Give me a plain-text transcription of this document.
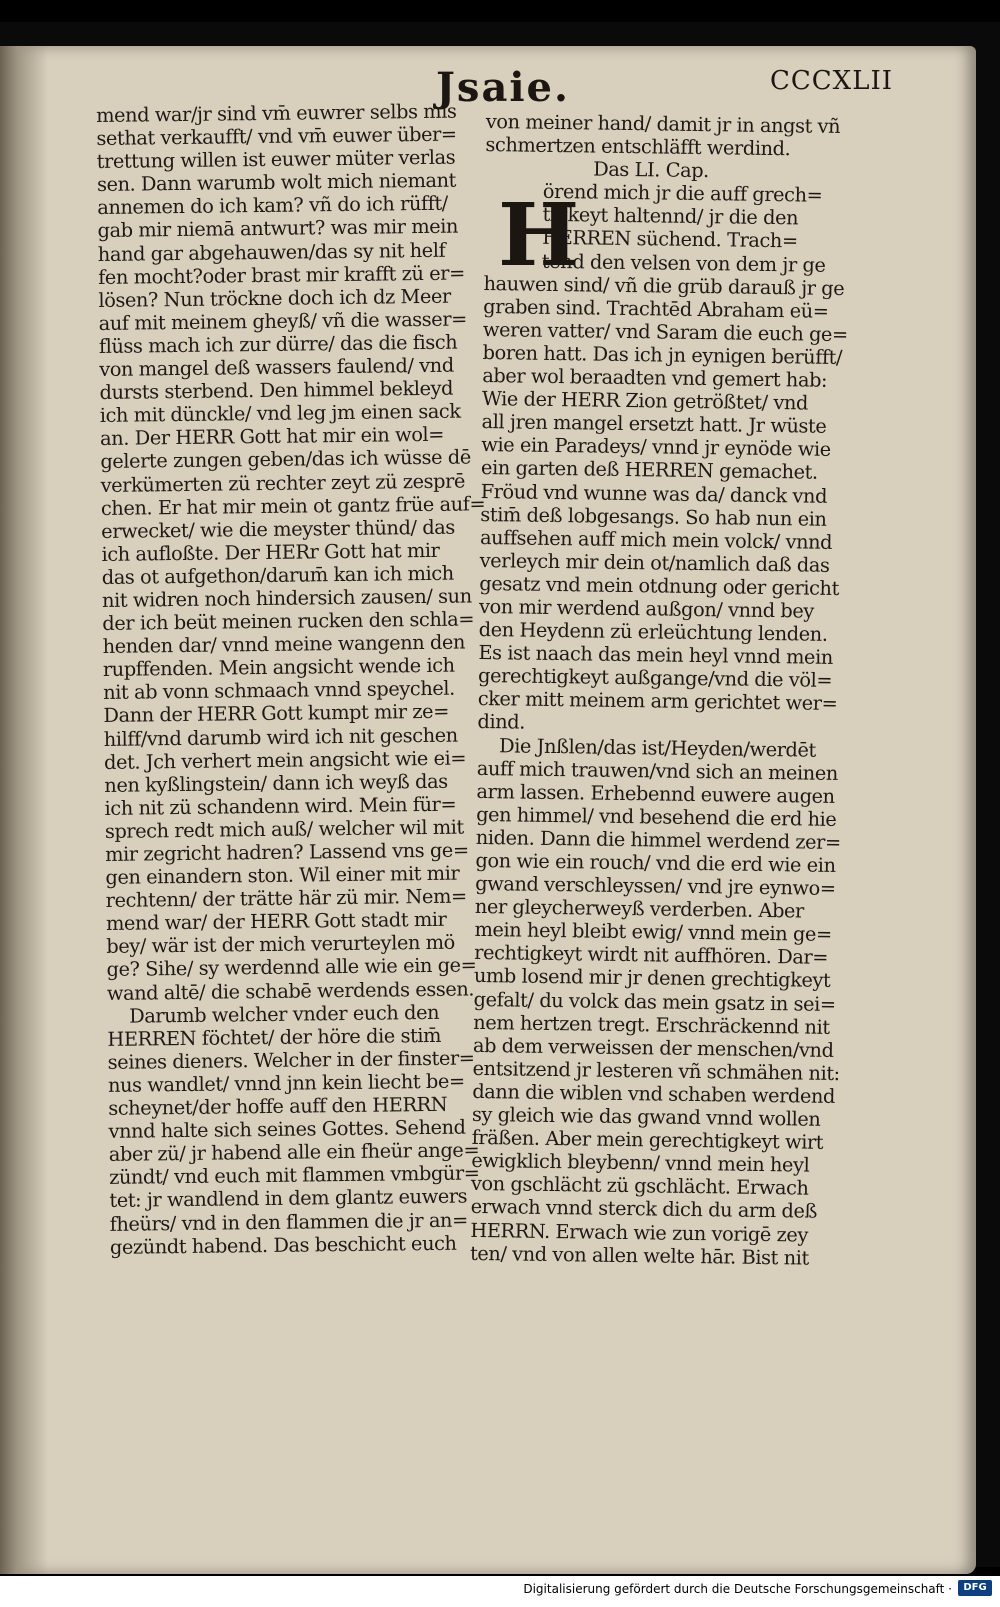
Jsaie.	CCCXLII
mend war/jr sind vm̄ euwrer selbs mis
sethat verkaufft/ vnd vm̄ euwer über=
trettung willen ist euwer müter verlas
sen. Dann warumb wolt mich niemant
annemen do ich kam? vñ do ich rüfft/
gab mir niemā antwurt? was mir mein
hand gar abgehauwen/das sy nit helf
fen mocht?oder brast mir krafft zü er=
lösen? Nun tröckne doch ich dz Meer
auf mit meinem gheyß/ vñ die wasser=
flüss mach ich zur dürre/ das die fisch
von mangel deß wassers faulend/ vnd
dursts sterbend. Den himmel bekleyd
ich mit dünckle/ vnd leg jm einen sack
an. Der HERR Gott hat mir ein wol=
gelerte zungen geben/das ich wüsse dē
verkümerten zü rechter zeyt zü zesprē
chen. Er hat mir mein ot gantz früe auf=
erwecket/ wie die meyster thünd/ das
ich aufloßte. Der HERr Gott hat mir
das ot aufgethon/darum̄ kan ich mich
nit widren noch hindersich zausen/ sun
der ich beüt meinen rucken den schla=
henden dar/ vnnd meine wangenn den
rupffenden. Mein angsicht wende ich
nit ab vonn schmaach vnnd speychel.
Dann der HERR Gott kumpt mir ze=
hilff/vnd darumb wird ich nit geschen
det. Jch verhert mein angsicht wie ei=
nen kyßlingstein/ dann ich weyß das
ich nit zü schandenn wird. Mein für=
sprech redt mich auß/ welcher wil mit
mir zegricht hadren? Lassend vns ge=
gen einandern ston. Wil einer mit mir
rechtenn/ der trätte här zü mir. Nem=
mend war/ der HERR Gott stadt mir
bey/ wär ist der mich verurteylen mö
ge? Sihe/ sy werdennd alle wie ein ge=
wand altē/ die schabē werdends essen.
Darumb welcher vnder euch den
HERREN föchtet/ der höre die stim̄
seines dieners. Welcher in der finster=
nus wandlet/ vnnd jnn kein liecht be=
scheynet/der hoffe auff den HERRN
vnnd halte sich seines Gottes. Sehend
aber zü/ jr habend alle ein fheür ange=
zündt/ vnd euch mit flammen vmbgür=
tet: jr wandlend in dem glantz euwers
fheürs/ vnd in den flammen die jr an=
gezündt habend. Das beschicht euch
von meiner hand/ damit jr in angst vñ
schmertzen entschläfft werdind.
Das LI. Cap.
örend mich jr die auff grech=
tigkeyt haltennd/ jr die den
HERREN süchend. Trach=
tend den velsen von dem jr ge
hauwen sind/ vñ die grüb darauß jr ge
graben sind. Trachtēd Abraham eü=
weren vatter/ vnd Saram die euch ge=
boren hatt. Das ich jn eynigen berüfft/
aber wol beraadten vnd gemert hab:
Wie der HERR Zion getrößtet/ vnd
all jren mangel ersetzt hatt. Jr wüste
wie ein Paradeys/ vnnd jr eynöde wie
ein garten deß HERREN gemachet.
Fröud vnd wunne was da/ danck vnd
stim̄ deß lobgesangs. So hab nun ein
auffsehen auff mich mein volck/ vnnd
verleych mir dein ot/namlich daß das
gesatz vnd mein otdnung oder gericht
von mir werdend außgon/ vnnd bey
den Heydenn zü erleüchtung lenden.
Es ist naach das mein heyl vnnd mein
gerechtigkeyt außgange/vnd die völ=
cker mitt meinem arm gerichtet wer=
dind.
Die Jnßlen/das ist/Heyden/werdēt
auff mich trauwen/vnd sich an meinen
arm lassen. Erhebennd euwere augen
gen himmel/ vnd besehend die erd hie
niden. Dann die himmel werdend zer=
gon wie ein rouch/ vnd die erd wie ein
gwand verschleyssen/ vnd jre eynwo=
ner gleycherweyß verderben. Aber
mein heyl bleibt ewig/ vnnd mein ge=
rechtigkeyt wirdt nit auffhören. Dar=
umb losend mir jr denen grechtigkeyt
gefalt/ du volck das mein gsatz in sei=
nem hertzen tregt. Erschräckennd nit
ab dem verweissen der menschen/vnd
entsitzend jr lesteren vñ schmähen nit:
dann die wiblen vnd schaben werdend
sy gleich wie das gwand vnnd wollen
fräßen. Aber mein gerechtigkeyt wirt
ewigklich bleybenn/ vnnd mein heyl
von gschlächt zü gschlächt. Erwach
erwach vnnd sterck dich du arm deß
HERRN. Erwach wie zun vorigē zey
ten/ vnd von allen welte hār. Bist nit
H
Digitalisierung gefördert durch die Deutsche Forschungsgemeinschaft ·	DFG
